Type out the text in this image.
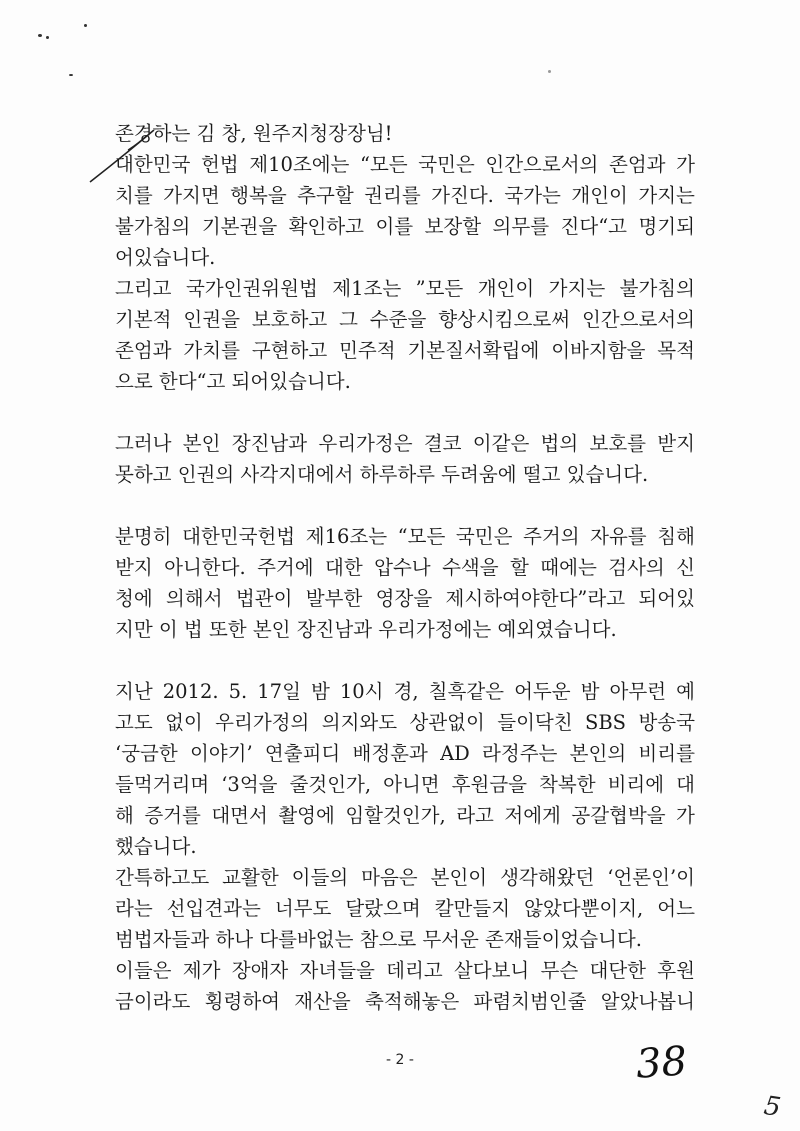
존경하는 김 창, 원주지청장장님!
대한민국 헌법 제10조에는 “모든 국민은 인간으로서의 존엄과 가
치를 가지면 행복을 추구할 권리를 가진다. 국가는 개인이 가지는
불가침의 기본권을 확인하고 이를 보장할 의무를 진다“고 명기되
어있습니다.
그리고 국가인권위원법 제1조는 ”모든 개인이 가지는 불가침의
기본적 인권을 보호하고 그 수준을 향상시킴으로써 인간으로서의
존엄과 가치를 구현하고 민주적 기본질서확립에 이바지함을 목적
으로 한다“고 되어있습니다.
그러나 본인 장진남과 우리가정은 결코 이같은 법의 보호를 받지
못하고 인권의 사각지대에서 하루하루 두려움에 떨고 있습니다.
분명히 대한민국헌법 제16조는 “모든 국민은 주거의 자유를 침해
받지 아니한다. 주거에 대한 압수나 수색을 할 때에는 검사의 신
청에 의해서 법관이 발부한 영장을 제시하여야한다”라고 되어있
지만 이 법 또한 본인 장진남과 우리가정에는 예외였습니다.
지난 2012. 5. 17일 밤 10시 경, 칠흑같은 어두운 밤 아무런 예
고도 없이 우리가정의 의지와도 상관없이 들이닥친 SBS 방송국
‘궁금한 이야기’ 연출피디 배정훈과 AD 라정주는 본인의 비리를
들먹거리며 ‘3억을 줄것인가, 아니면 후원금을 착복한 비리에 대
해 증거를 대면서 촬영에 임할것인가, 라고 저에게 공갈협박을 가
했습니다.
간특하고도 교활한 이들의 마음은 본인이 생각해왔던 ‘언론인’이
라는 선입견과는 너무도 달랐으며 칼만들지 않았다뿐이지, 어느
범법자들과 하나 다를바없는 참으로 무서운 존재들이었습니다.
이들은 제가 장애자 자녀들을 데리고 살다보니 무슨 대단한 후원
금이라도 횡령하여 재산을 축적해놓은 파렴치범인줄 알았나봅니
- 2 -	38
5
